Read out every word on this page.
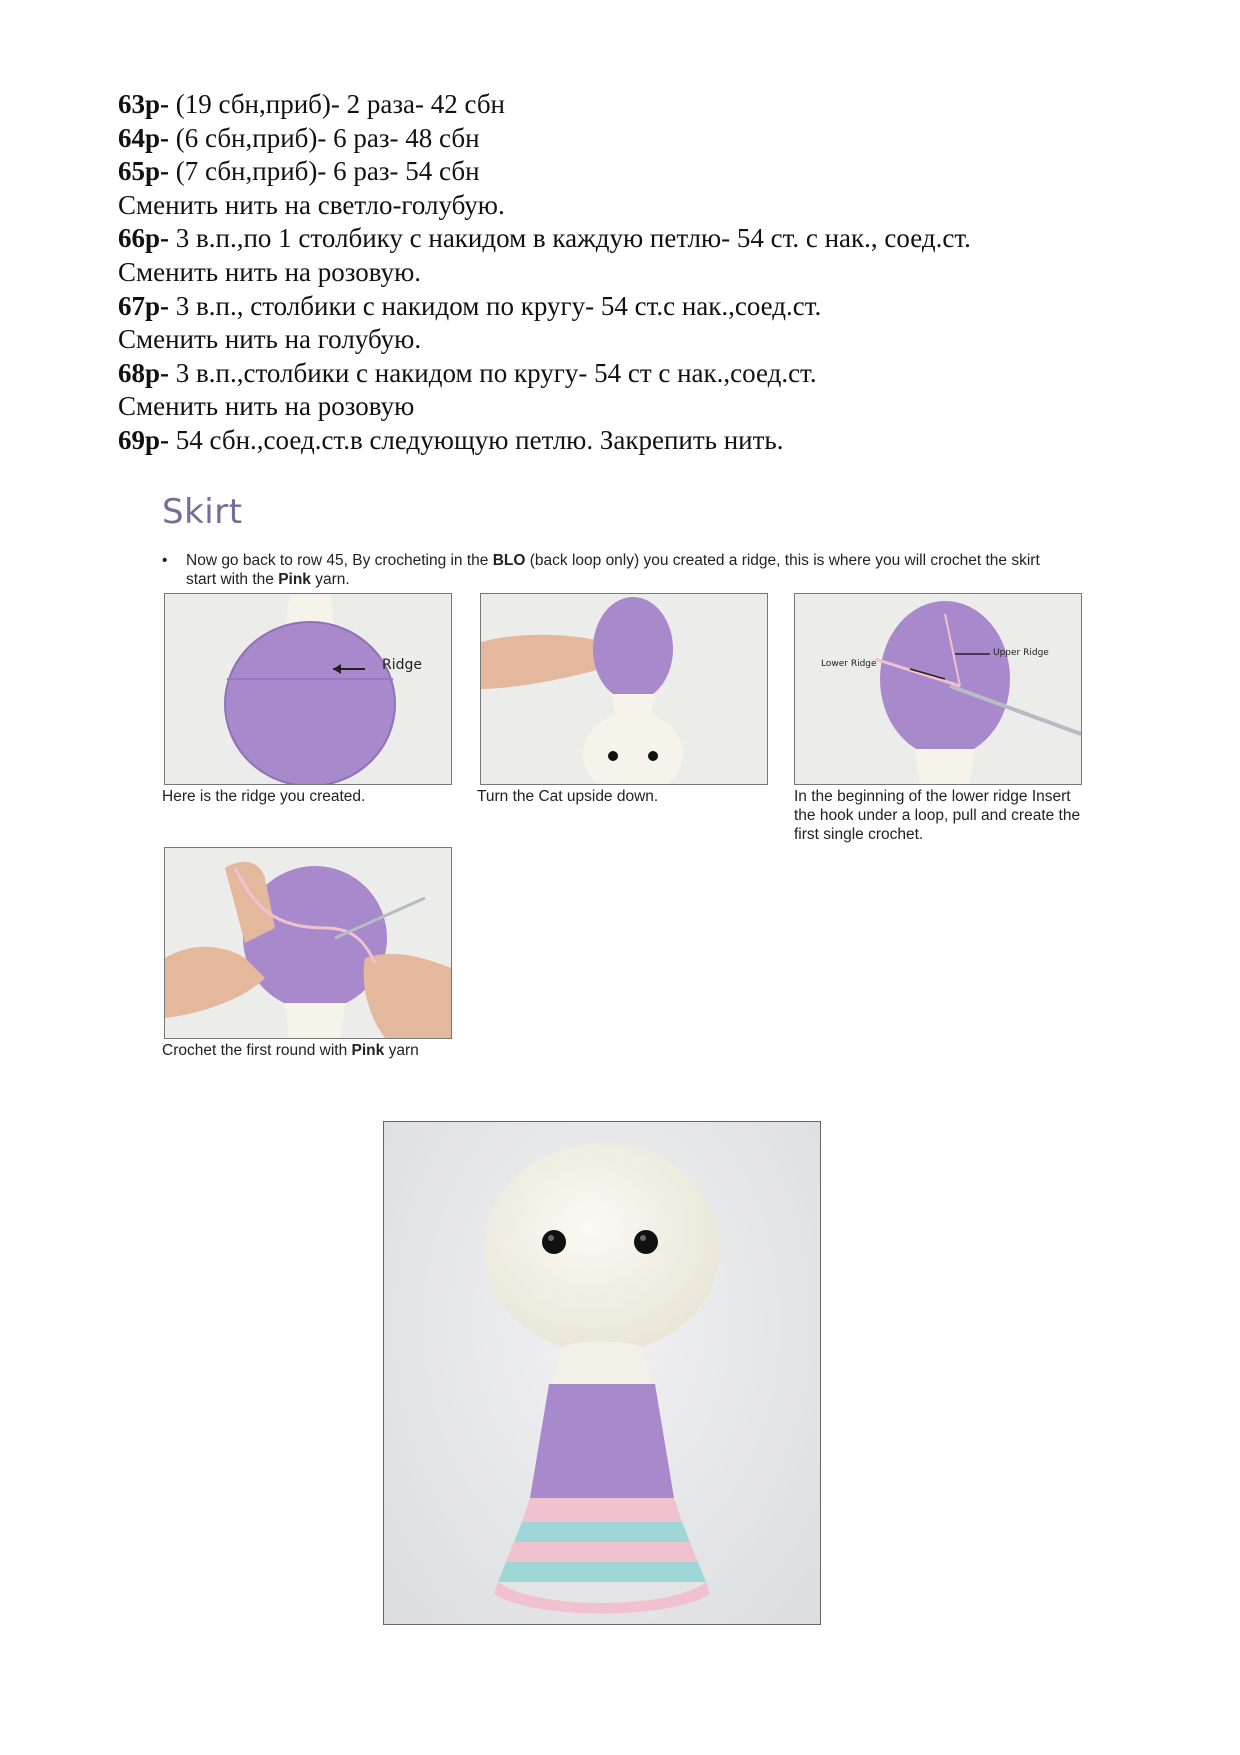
63р- (19 сбн,приб)- 2 раза- 42 сбн
64р- (6 сбн,приб)- 6 раз- 48 сбн
65р- (7 сбн,приб)- 6 раз- 54 сбн
Сменить нить на светло-голубую.
66р- 3 в.п.,по 1 столбику с накидом в каждую петлю- 54 ст. с нак., соед.ст.
Сменить нить на розовую.
67р- 3 в.п., столбики с накидом по кругу- 54 ст.с нак.,соед.ст.
Сменить нить на голубую.
68р- 3 в.п.,столбики с накидом по кругу- 54 ст с нак.,соед.ст.
Сменить нить на розовую
69р- 54 сбн.,соед.ст.в следующую петлю. Закрепить нить.
Skirt
• Now go back to row 45, By crocheting in the BLO (back loop only) you created a ridge, this is where you will crochet the skirt start with the Pink yarn.
Ridge
Here is the ridge you created.	Turn the Cat upside down.
Lower Ridge
Upper Ridge
In the beginning of the lower ridge Insert the hook under a loop, pull and create the first single crochet.
Crochet the first round with Pink yarn
